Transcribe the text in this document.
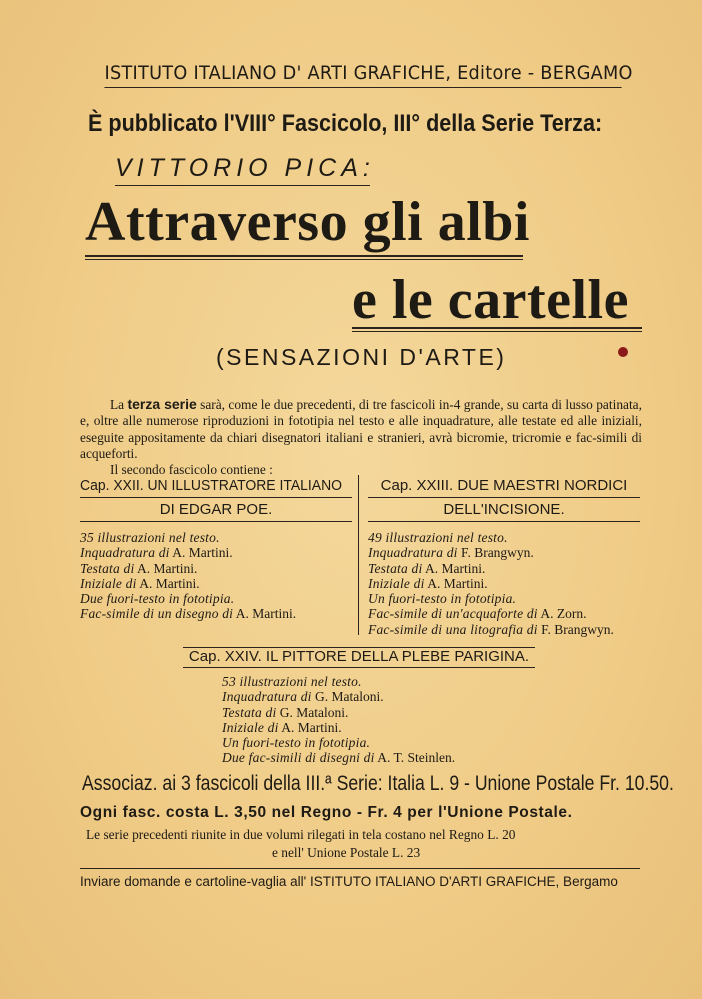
ISTITUTO ITALIANO D' ARTI GRAFICHE, Editore - BERGAMO
È pubblicato l'VIII° Fascicolo, III° della Serie Terza:
VITTORIO PICA:
Attraverso gli albi
e le cartelle
(SENSAZIONI D'ARTE)

La terza serie sarà, come le due precedenti, di tre fascicoli in-4 grande, su carta di lusso patinata, e, oltre alle numerose riproduzioni in fototipia nel testo e alle inquadrature, alle testate ed alle iniziali, eseguite appositamente da chiari disegnatori italiani e stranieri, avrà bicromie, tricromie e fac-simili di acqueforti.

Il secondo fascicolo contiene :

Cap. XXII. UN ILLUSTRATORE ITALIANO
DI EDGAR POE.
35 illustrazioni nel testo.
Inquadratura di A. Martini.
Testata di A. Martini.
Iniziale di A. Martini.
Due fuori-testo in fototipia.
Fac-simile di un disegno di A. Martini.
Cap. XXIII. DUE MAESTRI NORDICI
DELL'INCISIONE.
49 illustrazioni nel testo.
Inquadratura di F. Brangwyn.
Testata di A. Martini.
Iniziale di A. Martini.
Un fuori-testo in fototipia.
Fac-simile di un'acquaforte di A. Zorn.
Fac-simile di una litografia di F. Brangwyn.
Cap. XXIV. IL PITTORE DELLA PLEBE PARIGINA.
53 illustrazioni nel testo.
Inquadratura di G. Mataloni.
Testata di G. Mataloni.
Iniziale di A. Martini.
Un fuori-testo in fototipia.
Due fac-simili di disegni di A. T. Steinlen.
Associaz. ai 3 fascicoli della III.ª Serie: Italia L. 9 - Unione Postale Fr. 10.50.
Ogni fasc. costa L. 3,50 nel Regno - Fr. 4 per l'Unione Postale.
Le serie precedenti riunite in due volumi rilegati in tela costano nel Regno L. 20
e nell' Unione Postale L. 23
Inviare domande e cartoline-vaglia all' ISTITUTO ITALIANO D'ARTI GRAFICHE, Bergamo
